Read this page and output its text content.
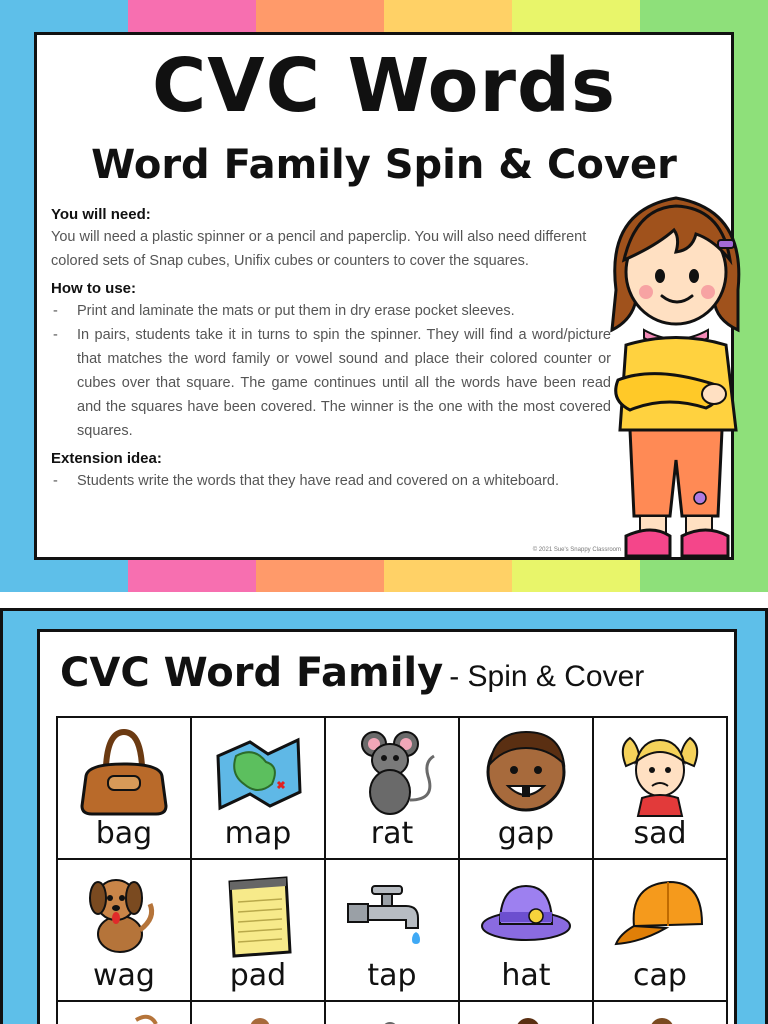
CVC Words
Word Family Spin & Cover
You will need:

You will need a plastic spinner or a pencil and paperclip. You will also need different colored sets of Snap cubes, Unifix cubes or counters to cover the squares.

How to use:
- Print and laminate the mats or put them in dry erase pocket sleeves.
- In pairs, students take it in turns to spin the spinner. They will find a word/picture that matches the word family or vowel sound and place their colored counter or cubes over that square. The game continues until all the words have been read and the squares have been covered. The winner is the one with the most covered squares.
Extension idea:
- Students write the words that they have read and covered on a whiteboard.
© 2021 Sue's Snappy Classroom
CVC Word Family - Spin & Cover
bag	map	rat	gap	sad
wag	pad	tap	hat	cap
